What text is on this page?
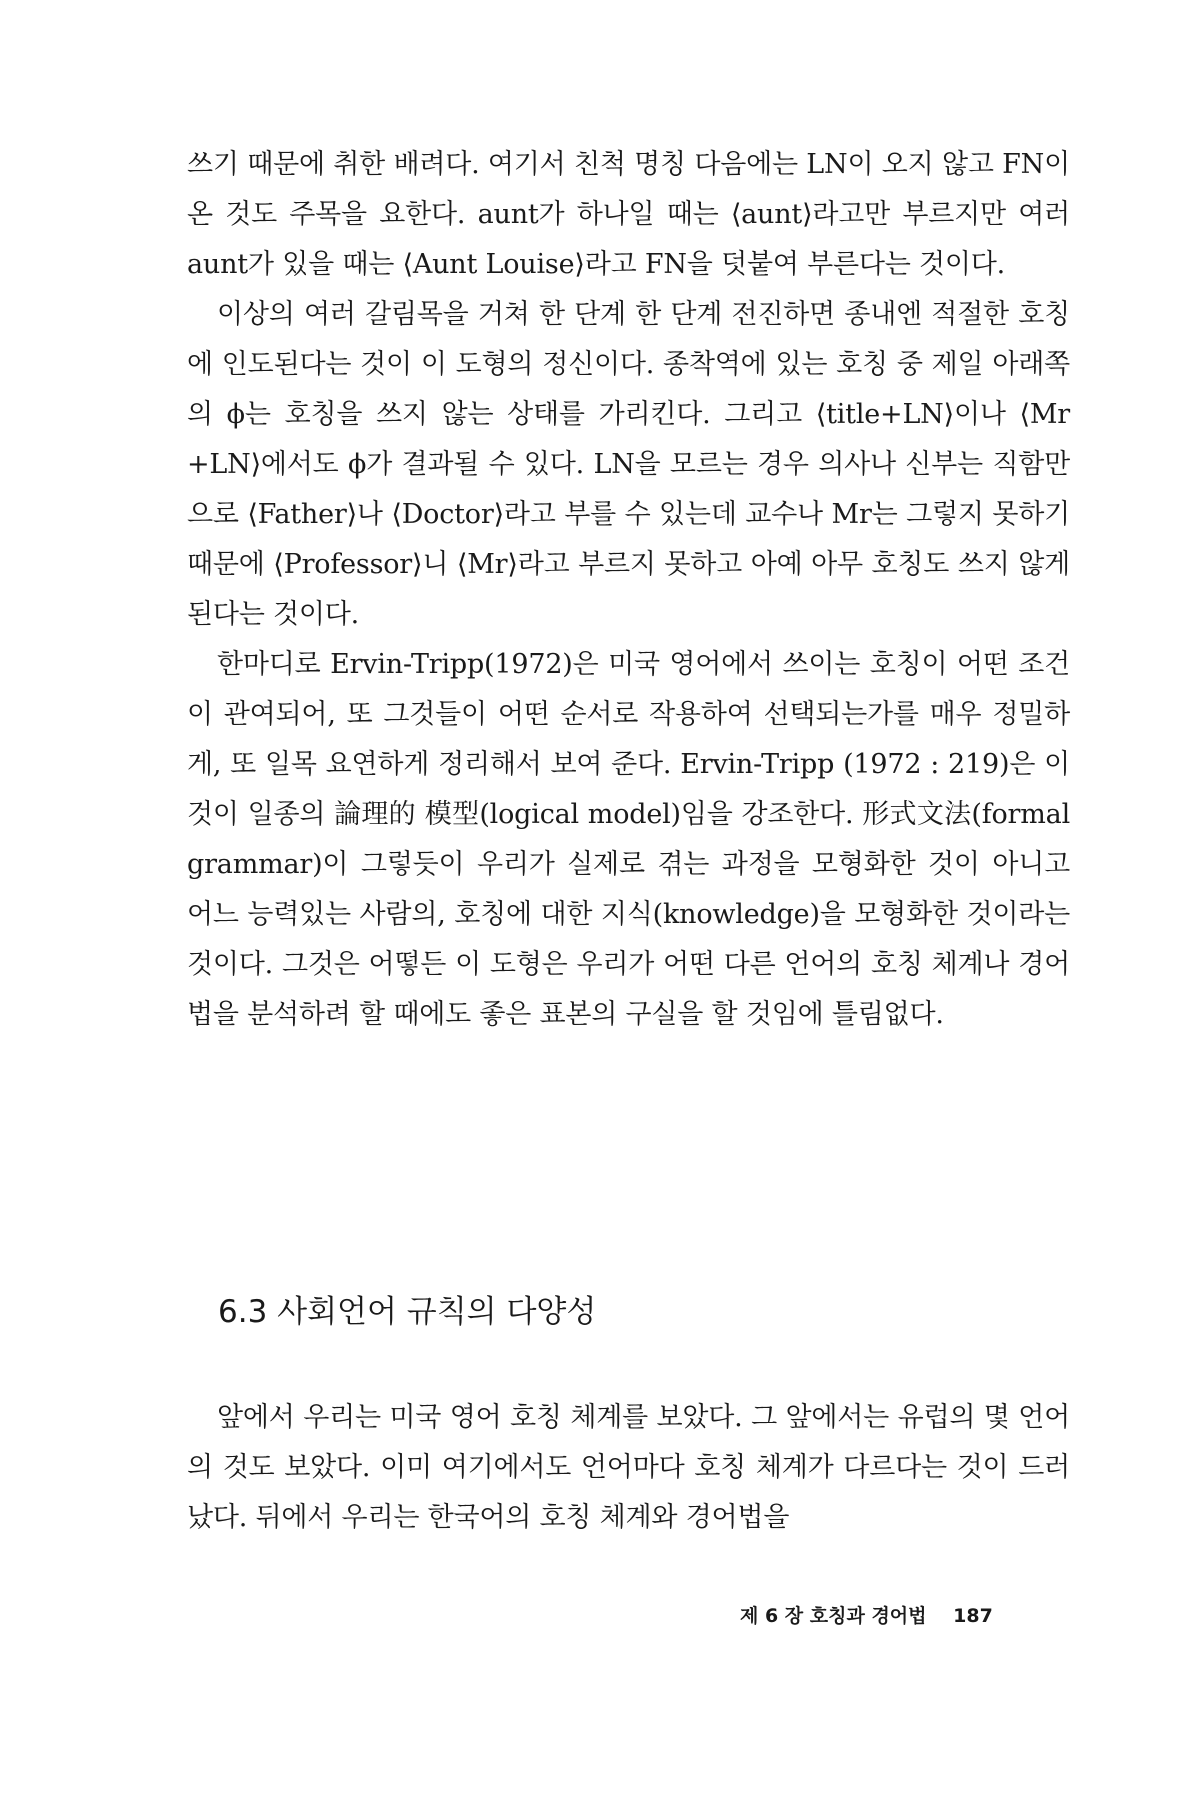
쓰기 때문에 취한 배려다. 여기서 친척 명칭 다음에는 LN이 오지 않고 FN이 온 것도 주목을 요한다. aunt가 하나일 때는 ⟨aunt⟩라고만 부르지만 여러 aunt가 있을 때는 ⟨Aunt Louise⟩라고 FN을 덧붙여 부른다는 것이다.

이상의 여러 갈림목을 거쳐 한 단계 한 단계 전진하면 종내엔 적절한 호칭에 인도된다는 것이 이 도형의 정신이다. 종착역에 있는 호칭 중 제일 아래쪽의 ϕ는 호칭을 쓰지 않는 상태를 가리킨다. 그리고 ⟨title+LN⟩이나 ⟨Mr +LN⟩에서도 ϕ가 결과될 수 있다. LN을 모르는 경우 의사나 신부는 직함만으로 ⟨Father⟩나 ⟨Doctor⟩라고 부를 수 있는데 교수나 Mr는 그렇지 못하기 때문에 ⟨Professor⟩니 ⟨Mr⟩라고 부르지 못하고 아예 아무 호칭도 쓰지 않게 된다는 것이다.

한마디로 Ervin-Tripp(1972)은 미국 영어에서 쓰이는 호칭이 어떤 조건이 관여되어, 또 그것들이 어떤 순서로 작용하여 선택되는가를 매우 정밀하게, 또 일목 요연하게 정리해서 보여 준다. Ervin-Tripp (1972 : 219)은 이것이 일종의 論理的 模型(logical model)임을 강조한다. 形式文法(formal grammar)이 그렇듯이 우리가 실제로 겪는 과정을 모형화한 것이 아니고 어느 능력있는 사람의, 호칭에 대한 지식(knowledge)을 모형화한 것이라는 것이다. 그것은 어떻든 이 도형은 우리가 어떤 다른 언어의 호칭 체계나 경어법을 분석하려 할 때에도 좋은 표본의 구실을 할 것임에 틀림없다.

6.3 사회언어 규칙의 다양성

앞에서 우리는 미국 영어 호칭 체계를 보았다. 그 앞에서는 유럽의 몇 언어의 것도 보았다. 이미 여기에서도 언어마다 호칭 체계가 다르다는 것이 드러났다. 뒤에서 우리는 한국어의 호칭 체계와 경어법을

제 6 장 호칭과 경어법 187
